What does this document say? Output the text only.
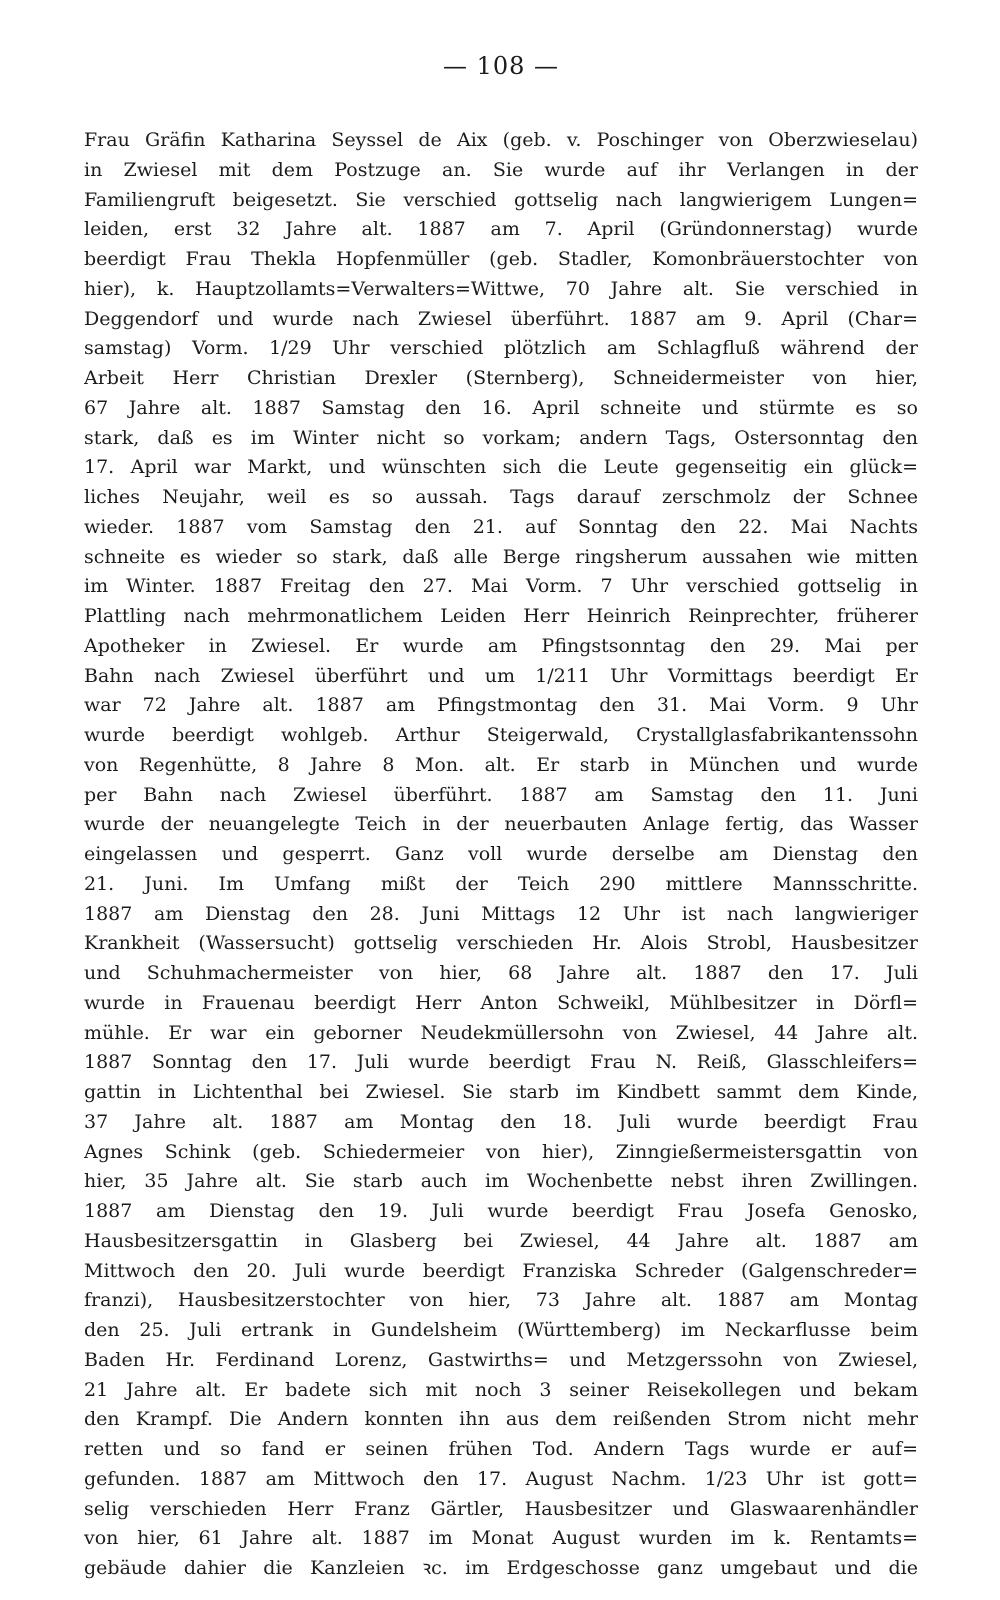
— 108 —
Frau Gräfin Katharina Seyssel de Aix (geb. v. Poschinger von Oberzwieselau)
in Zwiesel mit dem Postzuge an. Sie wurde auf ihr Verlangen in der
Familiengruft beigesetzt. Sie verschied gottselig nach langwierigem Lungen=
leiden, erst 32 Jahre alt. 1887 am 7. April (Gründonnerstag) wurde
beerdigt Frau Thekla Hopfenmüller (geb. Stadler, Komonbräuerstochter von
hier), k. Hauptzollamts=Verwalters=Wittwe, 70 Jahre alt. Sie verschied in
Deggendorf und wurde nach Zwiesel überführt. 1887 am 9. April (Char=
samstag) Vorm. 1/29 Uhr verschied plötzlich am Schlagfluß während der
Arbeit Herr Christian Drexler (Sternberg), Schneidermeister von hier,
67 Jahre alt. 1887 Samstag den 16. April schneite und stürmte es so
stark, daß es im Winter nicht so vorkam; andern Tags, Ostersonntag den
17. April war Markt, und wünschten sich die Leute gegenseitig ein glück=
liches Neujahr, weil es so aussah. Tags darauf zerschmolz der Schnee
wieder. 1887 vom Samstag den 21. auf Sonntag den 22. Mai Nachts
schneite es wieder so stark, daß alle Berge ringsherum aussahen wie mitten
im Winter. 1887 Freitag den 27. Mai Vorm. 7 Uhr verschied gottselig in
Plattling nach mehrmonatlichem Leiden Herr Heinrich Reinprechter, früherer
Apotheker in Zwiesel. Er wurde am Pfingstsonntag den 29. Mai per
Bahn nach Zwiesel überführt und um 1/211 Uhr Vormittags beerdigt Er
war 72 Jahre alt. 1887 am Pfingstmontag den 31. Mai Vorm. 9 Uhr
wurde beerdigt wohlgeb. Arthur Steigerwald, Crystallglasfabrikantenssohn
von Regenhütte, 8 Jahre 8 Mon. alt. Er starb in München und wurde
per Bahn nach Zwiesel überführt. 1887 am Samstag den 11. Juni
wurde der neuangelegte Teich in der neuerbauten Anlage fertig, das Wasser
eingelassen und gesperrt. Ganz voll wurde derselbe am Dienstag den
21. Juni. Im Umfang mißt der Teich 290 mittlere Mannsschritte.
1887 am Dienstag den 28. Juni Mittags 12 Uhr ist nach langwieriger
Krankheit (Wassersucht) gottselig verschieden Hr. Alois Strobl, Hausbesitzer
und Schuhmachermeister von hier, 68 Jahre alt. 1887 den 17. Juli
wurde in Frauenau beerdigt Herr Anton Schweikl, Mühlbesitzer in Dörfl=
mühle. Er war ein geborner Neudekmüllersohn von Zwiesel, 44 Jahre alt.
1887 Sonntag den 17. Juli wurde beerdigt Frau N. Reiß, Glasschleifers=
gattin in Lichtenthal bei Zwiesel. Sie starb im Kindbett sammt dem Kinde,
37 Jahre alt. 1887 am Montag den 18. Juli wurde beerdigt Frau
Agnes Schink (geb. Schiedermeier von hier), Zinngießermeistersgattin von
hier, 35 Jahre alt. Sie starb auch im Wochenbette nebst ihren Zwillingen.
1887 am Dienstag den 19. Juli wurde beerdigt Frau Josefa Genosko,
Hausbesitzersgattin in Glasberg bei Zwiesel, 44 Jahre alt. 1887 am
Mittwoch den 20. Juli wurde beerdigt Franziska Schreder (Galgenschreder=
franzi), Hausbesitzerstochter von hier, 73 Jahre alt. 1887 am Montag
den 25. Juli ertrank in Gundelsheim (Württemberg) im Neckarflusse beim
Baden Hr. Ferdinand Lorenz, Gastwirths= und Metzgerssohn von Zwiesel,
21 Jahre alt. Er badete sich mit noch 3 seiner Reisekollegen und bekam
den Krampf. Die Andern konnten ihn aus dem reißenden Strom nicht mehr
retten und so fand er seinen frühen Tod. Andern Tags wurde er auf=
gefunden. 1887 am Mittwoch den 17. August Nachm. 1/23 Uhr ist gott=
selig verschieden Herr Franz Gärtler, Hausbesitzer und Glaswaarenhändler
von hier, 61 Jahre alt. 1887 im Monat August wurden im k. Rentamts=
gebäude dahier die Kanzleien ꝛc. im Erdgeschosse ganz umgebaut und die
